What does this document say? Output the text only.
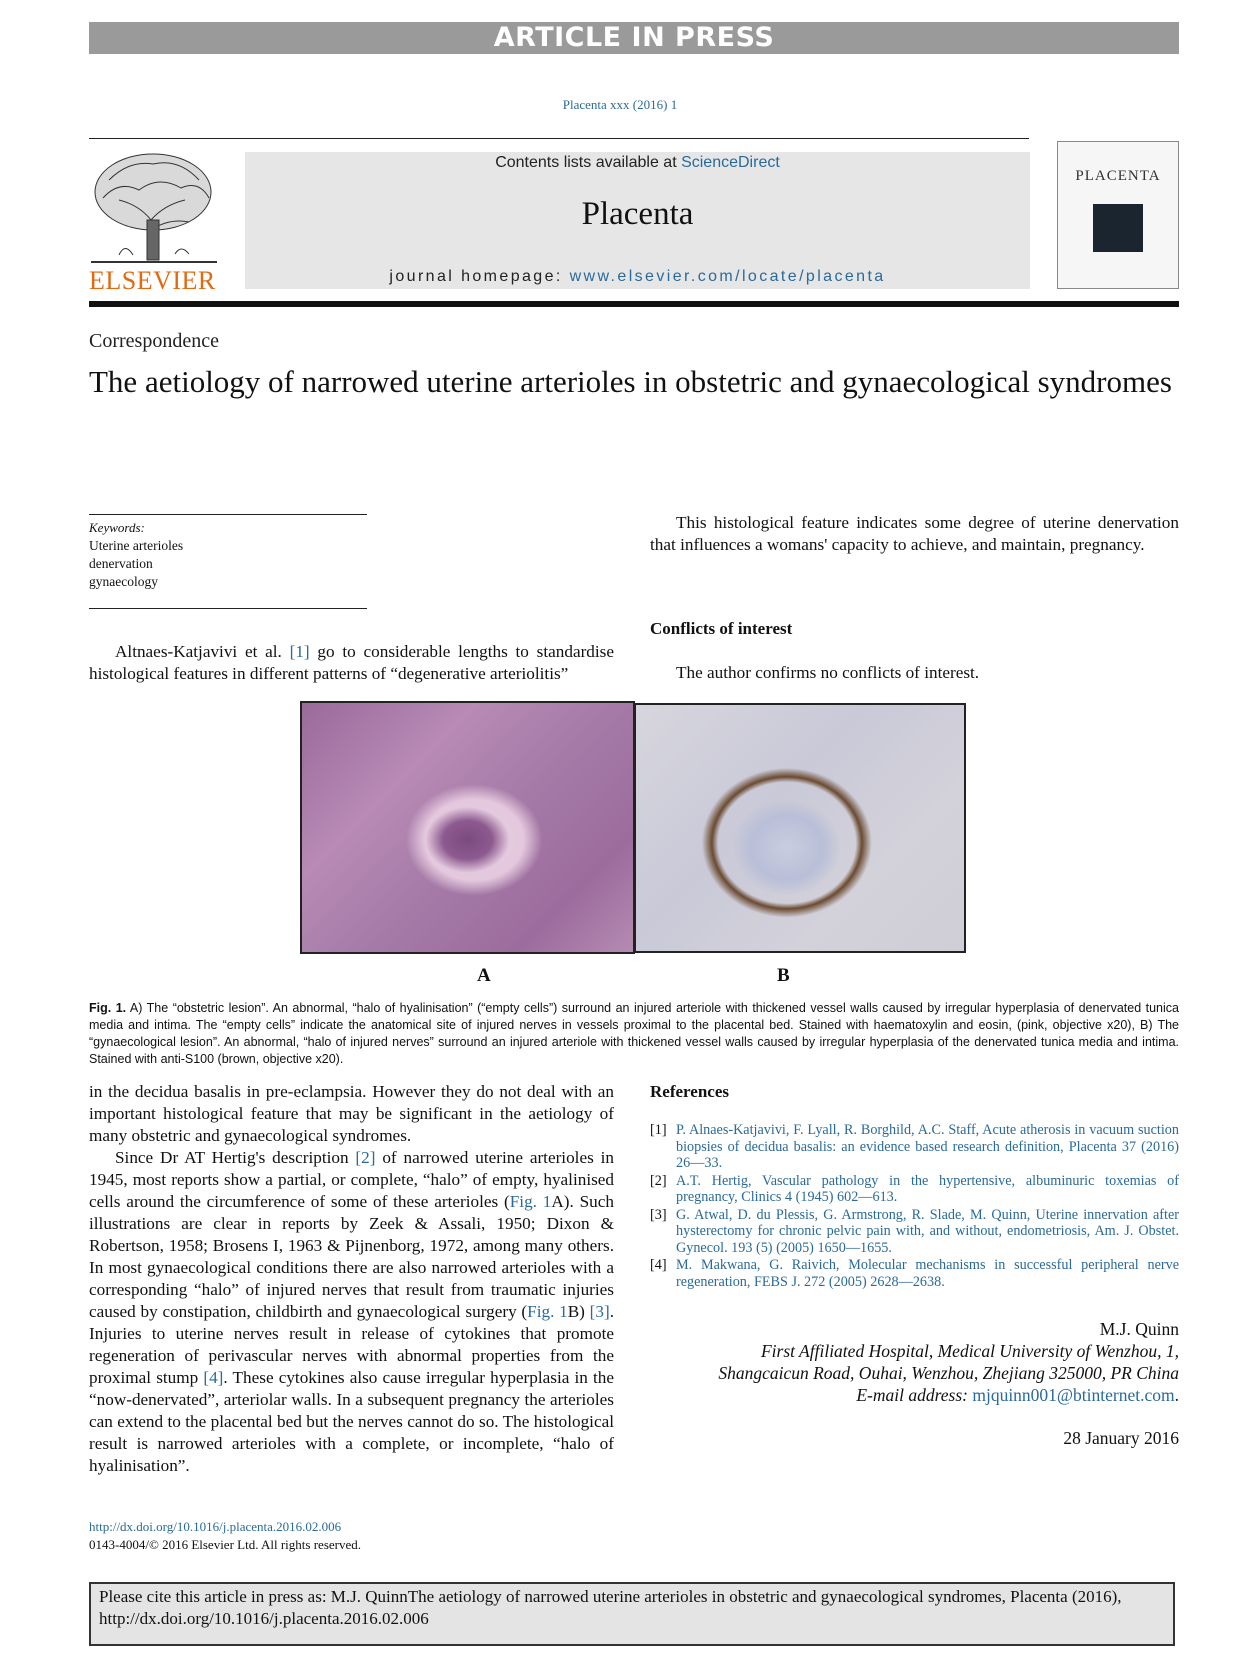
ARTICLE IN PRESS
Placenta xxx (2016) 1
ELSEVIER
Contents lists available at ScienceDirect
Placenta
journal homepage: www.elsevier.com/locate/placenta
PLACENTA
Correspondence
The aetiology of narrowed uterine arterioles in obstetric and gynaecological syndromes
Keywords:
Uterine arterioles
denervation
gynaecology
Altnaes-Katjavivi et al. [1] go to considerable lengths to standardise histological features in different patterns of “degenerative arteriolitis”
This histological feature indicates some degree of uterine denervation that influences a womans' capacity to achieve, and maintain, pregnancy.
Conflicts of interest
The author confirms no conflicts of interest.
A	B
Fig. 1. A) The “obstetric lesion”. An abnormal, “halo of hyalinisation” (“empty cells”) surround an injured arteriole with thickened vessel walls caused by irregular hyperplasia of denervated tunica media and intima. The “empty cells” indicate the anatomical site of injured nerves in vessels proximal to the placental bed. Stained with haematoxylin and eosin, (pink, objective x20), B) The “gynaecological lesion”. An abnormal, “halo of injured nerves” surround an injured arteriole with thickened vessel walls caused by irregular hyperplasia of the denervated tunica media and intima. Stained with anti-S100 (brown, objective x20).
in the decidua basalis in pre-eclampsia. However they do not deal with an important histological feature that may be significant in the aetiology of many obstetric and gynaecological syndromes.
Since Dr AT Hertig's description [2] of narrowed uterine arterioles in 1945, most reports show a partial, or complete, “halo” of empty, hyalinised cells around the circumference of some of these arterioles (Fig. 1A). Such illustrations are clear in reports by Zeek & Assali, 1950; Dixon & Robertson, 1958; Brosens I, 1963 & Pijnenborg, 1972, among many others. In most gynaecological conditions there are also narrowed arterioles with a corresponding “halo” of injured nerves that result from traumatic injuries caused by constipation, childbirth and gynaecological surgery (Fig. 1B) [3]. Injuries to uterine nerves result in release of cytokines that promote regeneration of perivascular nerves with abnormal properties from the proximal stump [4]. These cytokines also cause irregular hyperplasia in the “now-denervated”, arteriolar walls. In a subsequent pregnancy the arterioles can extend to the placental bed but the nerves cannot do so. The histological result is narrowed arterioles with a complete, or incomplete, “halo of hyalinisation”.
References
[1] P. Alnaes-Katjavivi, F. Lyall, R. Borghild, A.C. Staff, Acute atherosis in vacuum suction biopsies of decidua basalis: an evidence based research definition, Placenta 37 (2016) 26—33.
[2] A.T. Hertig, Vascular pathology in the hypertensive, albuminuric toxemias of pregnancy, Clinics 4 (1945) 602—613.
[3] G. Atwal, D. du Plessis, G. Armstrong, R. Slade, M. Quinn, Uterine innervation after hysterectomy for chronic pelvic pain with, and without, endometriosis, Am. J. Obstet. Gynecol. 193 (5) (2005) 1650—1655.
[4] M. Makwana, G. Raivich, Molecular mechanisms in successful peripheral nerve regeneration, FEBS J. 272 (2005) 2628—2638.
M.J. Quinn
First Affiliated Hospital, Medical University of Wenzhou, 1,
Shangcaicun Road, Ouhai, Wenzhou, Zhejiang 325000, PR China
E-mail address: mjquinn001@btinternet.com.
28 January 2016
http://dx.doi.org/10.1016/j.placenta.2016.02.006
0143-4004/© 2016 Elsevier Ltd. All rights reserved.
Please cite this article in press as: M.J. QuinnThe aetiology of narrowed uterine arterioles in obstetric and gynaecological syndromes, Placenta (2016), http://dx.doi.org/10.1016/j.placenta.2016.02.006
